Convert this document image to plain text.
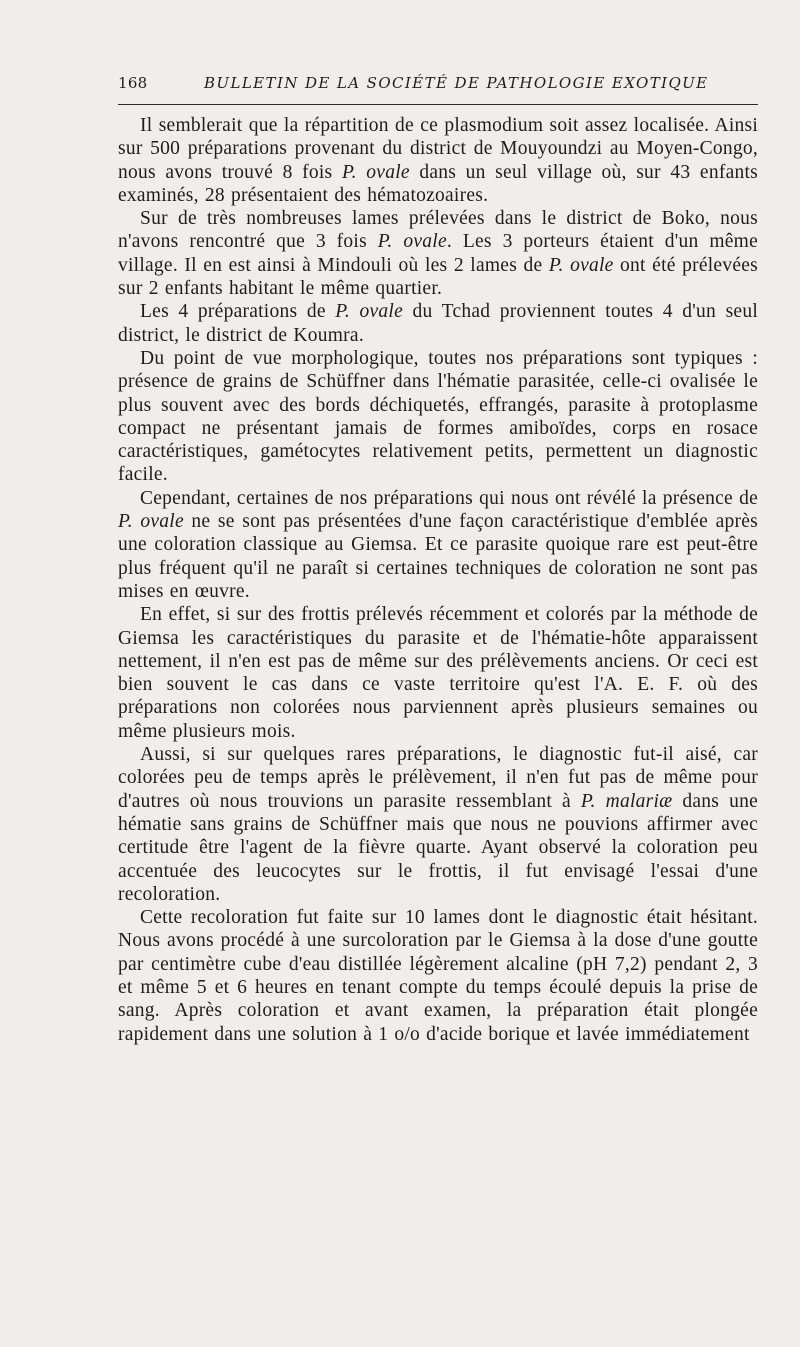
168	BULLETIN DE LA SOCIÉTÉ DE PATHOLOGIE EXOTIQUE

Il semblerait que la répartition de ce plasmodium soit assez localisée. Ainsi sur 500 préparations provenant du district de Mouyoundzi au Moyen-Congo, nous avons trouvé 8 fois P. ovale dans un seul village où, sur 43 enfants examinés, 28 présentaient des hématozoaires.

Sur de très nombreuses lames prélevées dans le district de Boko, nous n'avons rencontré que 3 fois P. ovale. Les 3 porteurs étaient d'un même village. Il en est ainsi à Mindouli où les 2 lames de P. ovale ont été prélevées sur 2 enfants habitant le même quartier.

Les 4 préparations de P. ovale du Tchad proviennent toutes 4 d'un seul district, le district de Koumra.

Du point de vue morphologique, toutes nos préparations sont typiques : présence de grains de Schüffner dans l'hématie parasitée, celle-ci ovalisée le plus souvent avec des bords déchiquetés, effrangés, parasite à protoplasme compact ne présentant jamais de formes amiboïdes, corps en rosace caractéristiques, gamétocytes relativement petits, permettent un diagnostic facile.

Cependant, certaines de nos préparations qui nous ont révélé la présence de P. ovale ne se sont pas présentées d'une façon caractéristique d'emblée après une coloration classique au Giemsa. Et ce parasite quoique rare est peut-être plus fréquent qu'il ne paraît si certaines techniques de coloration ne sont pas mises en œuvre.

En effet, si sur des frottis prélevés récemment et colorés par la méthode de Giemsa les caractéristiques du parasite et de l'hématie-hôte apparaissent nettement, il n'en est pas de même sur des prélèvements anciens. Or ceci est bien souvent le cas dans ce vaste territoire qu'est l'A. E. F. où des préparations non colorées nous parviennent après plusieurs semaines ou même plusieurs mois.

Aussi, si sur quelques rares préparations, le diagnostic fut-il aisé, car colorées peu de temps après le prélèvement, il n'en fut pas de même pour d'autres où nous trouvions un parasite ressemblant à P. malariæ dans une hématie sans grains de Schüffner mais que nous ne pouvions affirmer avec certitude être l'agent de la fièvre quarte. Ayant observé la coloration peu accentuée des leucocytes sur le frottis, il fut envisagé l'essai d'une recoloration.

Cette recoloration fut faite sur 10 lames dont le diagnostic était hésitant. Nous avons procédé à une surcoloration par le Giemsa à la dose d'une goutte par centimètre cube d'eau distillée légèrement alcaline (pH 7,2) pendant 2, 3 et même 5 et 6 heures en tenant compte du temps écoulé depuis la prise de sang. Après coloration et avant examen, la préparation était plongée rapidement dans une solution à 1 o/o d'acide borique et lavée immédiatement
